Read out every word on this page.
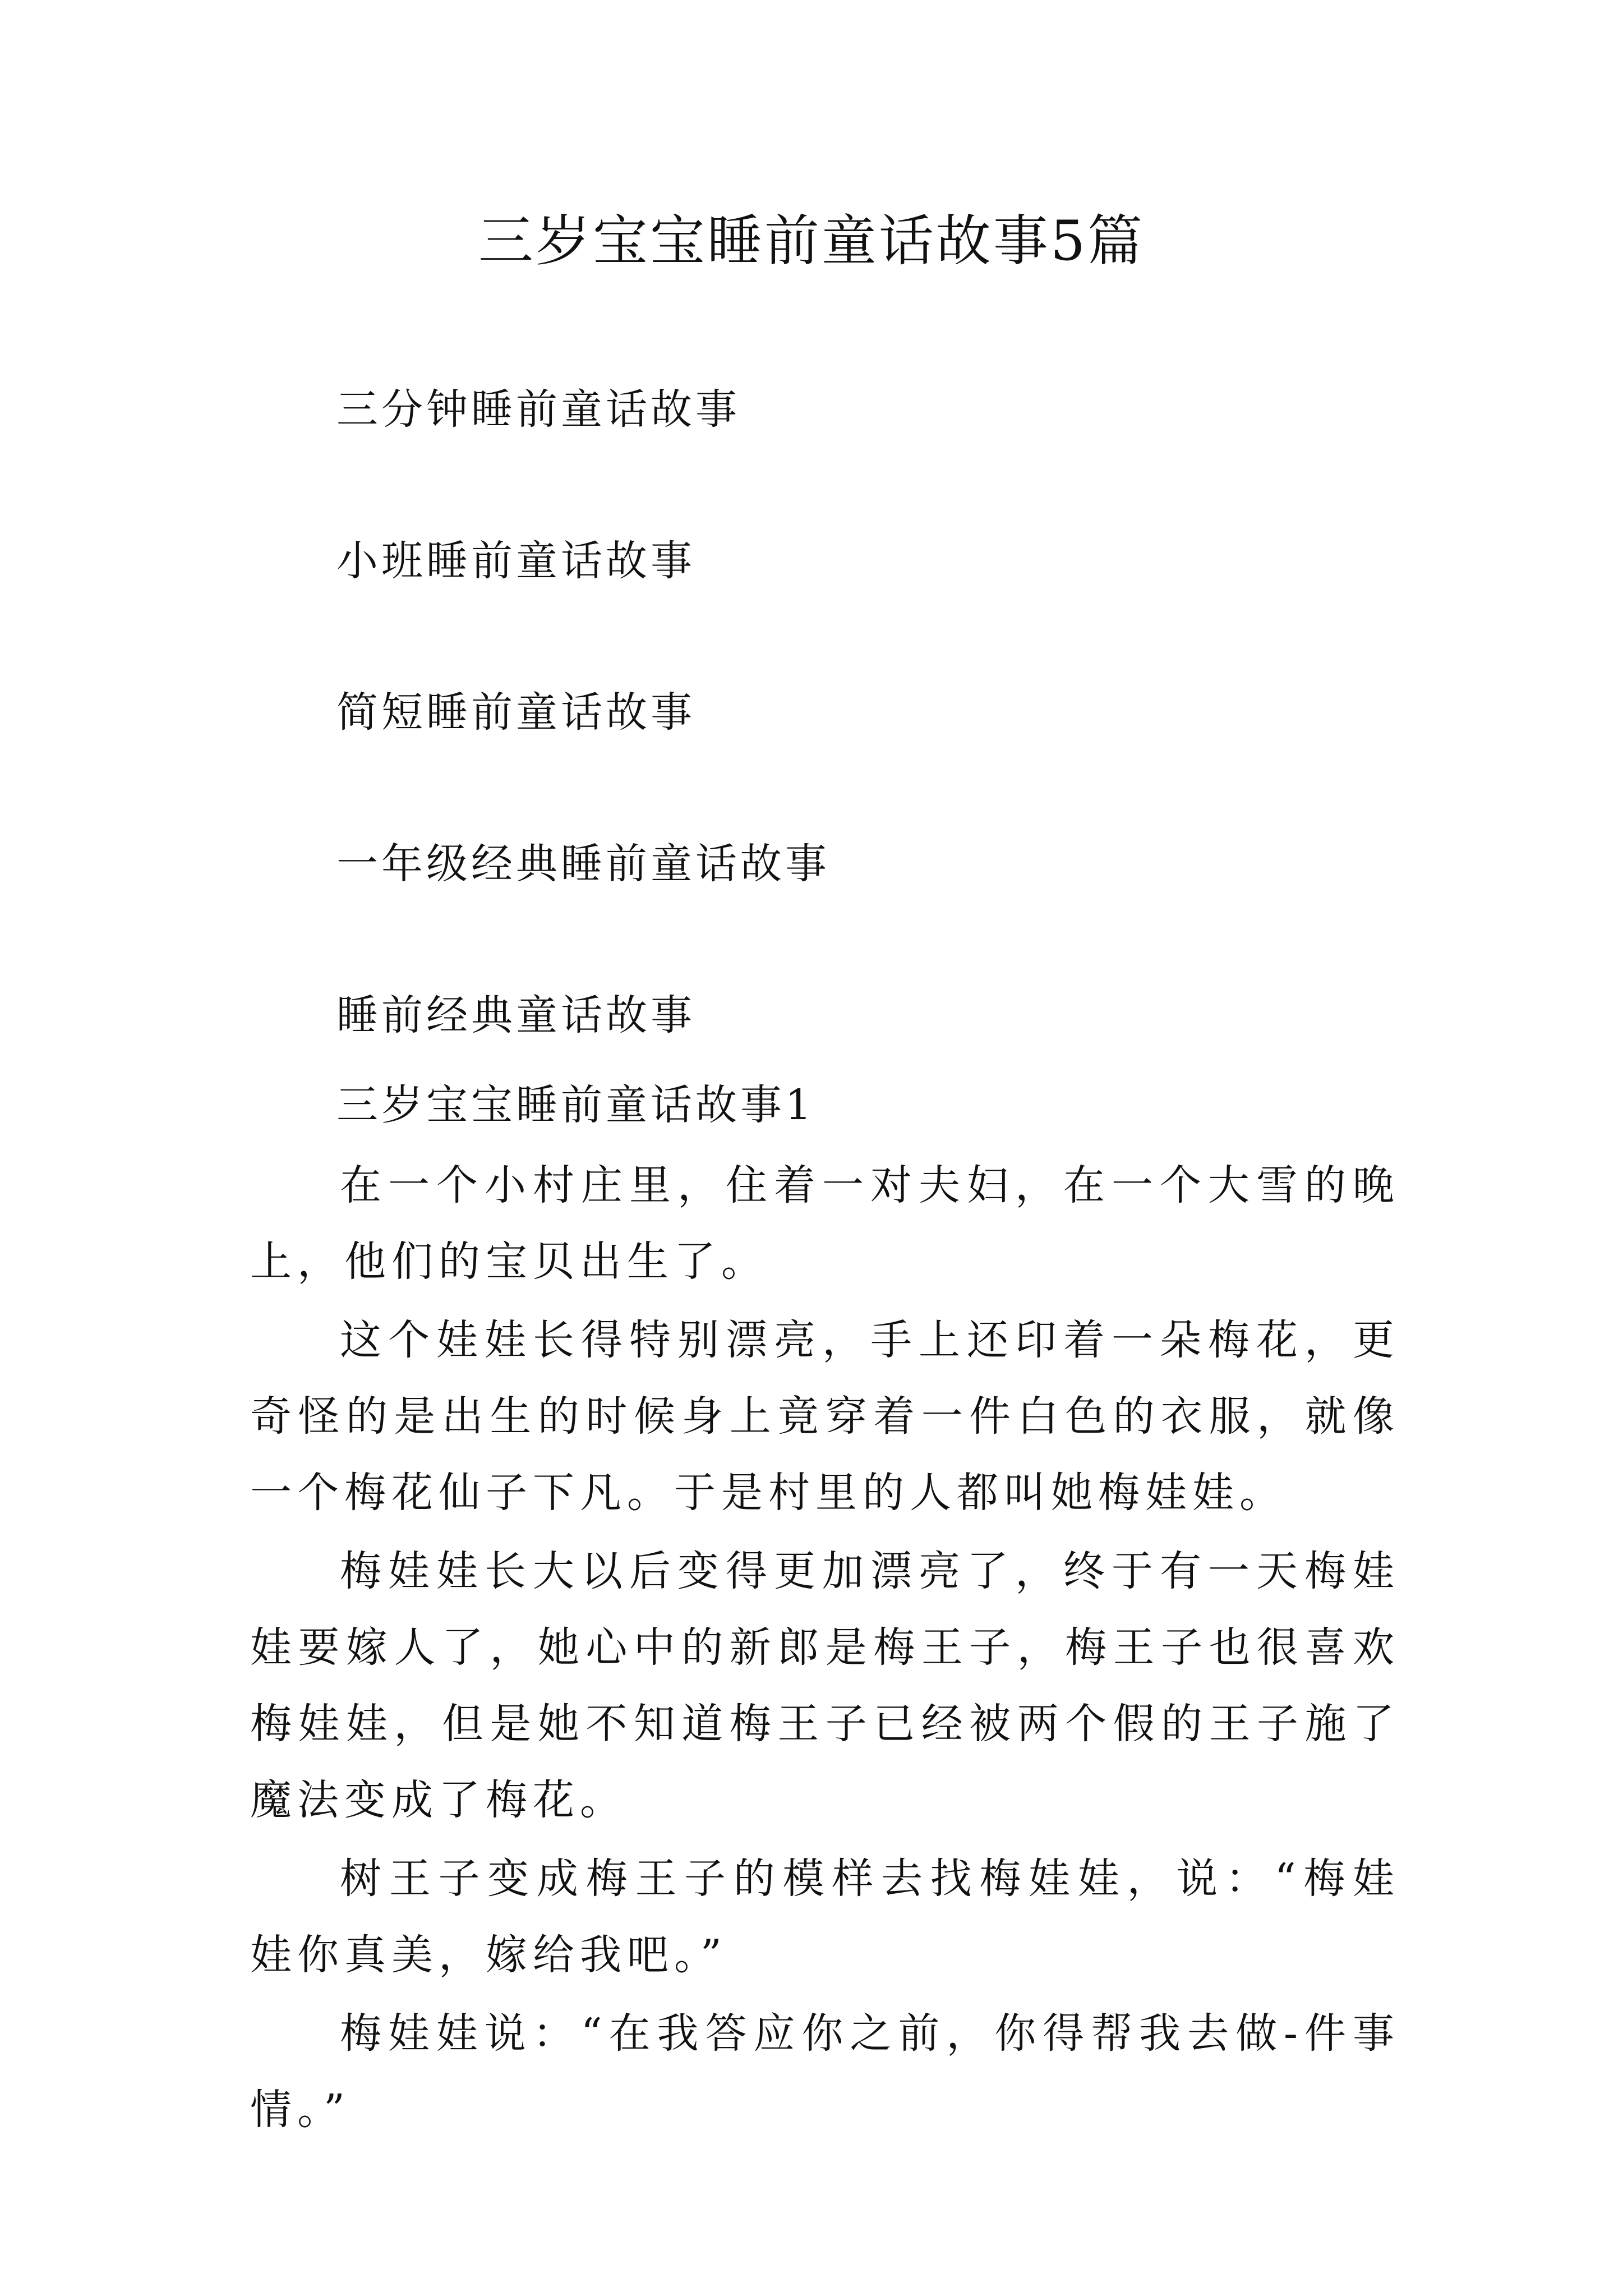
三岁宝宝睡前童话故事5篇
三分钟睡前童话故事
小班睡前童话故事
简短睡前童话故事
一年级经典睡前童话故事
睡前经典童话故事
三岁宝宝睡前童话故事1

在一个小村庄里，住着一对夫妇，在一个大雪的晚上，他们的宝贝出生了。

这个娃娃长得特别漂亮，手上还印着一朵梅花，更奇怪的是出生的时候身上竟穿着一件白色的衣服，就像一个梅花仙子下凡。于是村里的人都叫她梅娃娃。

梅娃娃长大以后变得更加漂亮了，终于有一天梅娃娃要嫁人了，她心中的新郎是梅王子，梅王子也很喜欢梅娃娃，但是她不知道梅王子已经被两个假的王子施了魔法变成了梅花。

树王子变成梅王子的模样去找梅娃娃，说：“梅娃娃你真美，嫁给我吧。”

梅娃娃说：“在我答应你之前，你得帮我去做-件事情。”
